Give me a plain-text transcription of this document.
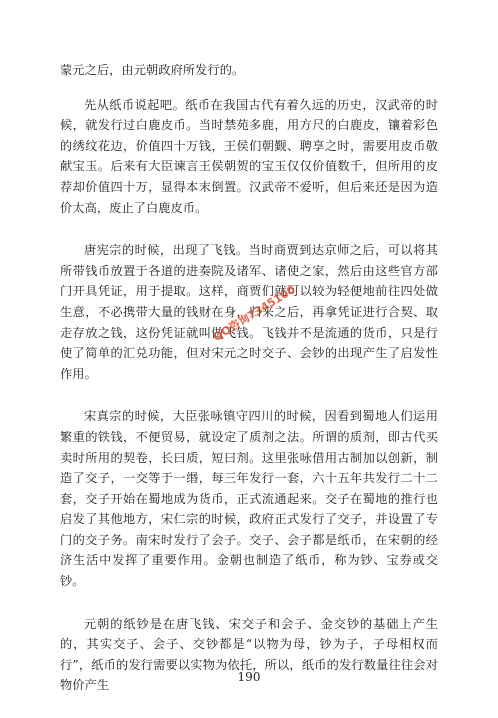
蒙元之后，由元朝政府所发行的。

先从纸币说起吧。纸币在我国古代有着久远的历史，汉武帝的时候，就发行过白鹿皮币。当时禁苑多鹿，用方尺的白鹿皮，镶着彩色的绣纹花边，价值四十万钱，王侯们朝觐、聘享之时，需要用皮币敬献宝玉。后来有大臣谏言王侯朝贺的宝玉仅仅价值数千，但所用的皮荐却价值四十万，显得本末倒置。汉武帝不爱听，但后来还是因为造价太高，废止了白鹿皮币。

唐宪宗的时候，出现了飞钱。当时商贾到达京师之后，可以将其所带钱币放置于各道的进奏院及诸军、诸使之家，然后由这些官方部门开具凭证，用于提取。这样，商贾们就可以较为轻便地前往四处做生意，不必携带大量的钱财在身，归来之后，再拿凭证进行合契、取走存放之钱，这份凭证就叫做飞钱。飞钱并不是流通的货币，只是行使了简单的汇兑功能，但对宋元之时交子、会钞的出现产生了启发性作用。

宋真宗的时候，大臣张咏镇守四川的时候，因看到蜀地人们运用繁重的铁钱，不便贸易，就设定了质剂之法。所谓的质剂，即古代买卖时所用的契卷，长曰质，短曰剂。这里张咏借用古制加以创新，制造了交子，一交等于一缗，每三年发行一套，六十五年共发行二十二套，交子开始在蜀地成为货币，正式流通起来。交子在蜀地的推行也启发了其他地方，宋仁宗的时候，政府正式发行了交子，并设置了专门的交子务。南宋时发行了会子。交子、会子都是纸币，在宋朝的经济生活中发挥了重要作用。金朝也制造了纸币，称为钞、宝券或交钞。

元朝的纸钞是在唐飞钱、宋交子和会子、金交钞的基础上产生的，其实交子、会子、交钞都是“以物为母，钞为子，子母相权而行”，纸币的发行需要以实物为依托，所以，纸币的发行数量往往会对物价产生

QQ咨询7345100
190
